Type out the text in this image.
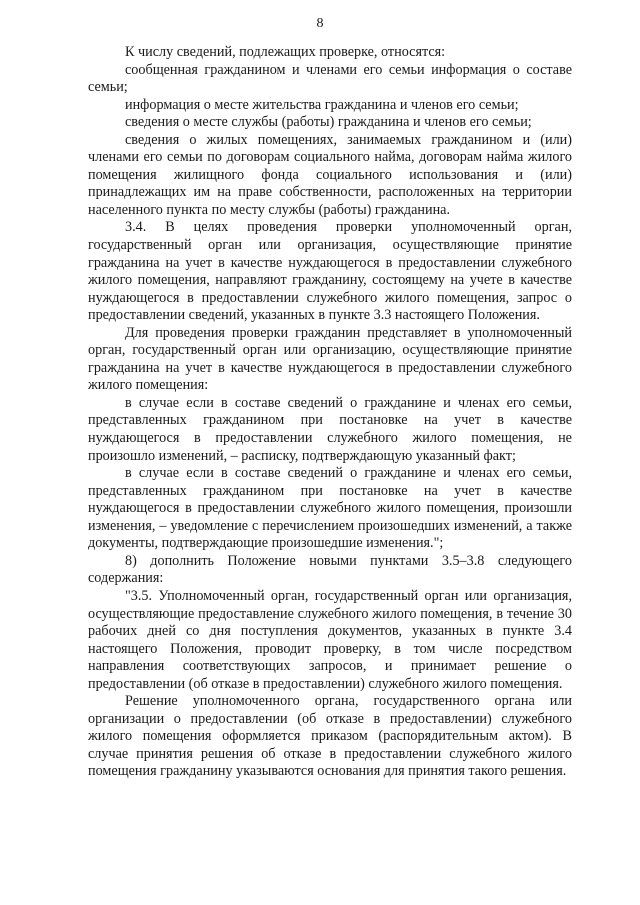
8

К числу сведений, подлежащих проверке, относятся:

сообщенная гражданином и членами его семьи информация о составе семьи;

информация о месте жительства гражданина и членов его семьи;

сведения о месте службы (работы) гражданина и членов его семьи;

сведения о жилых помещениях, занимаемых гражданином и (или) членами его семьи по договорам социального найма, договорам найма жилого помещения жилищного фонда социального использования и (или) принадлежащих им на праве собственности, расположенных на территории населенного пункта по месту службы (работы) гражданина.

3.4. В целях проведения проверки уполномоченный орган, государственный орган или организация, осуществляющие принятие гражданина на учет в качестве нуждающегося в предоставлении служебного жилого помещения, направляют гражданину, состоящему на учете в качестве нуждающегося в предоставлении служебного жилого помещения, запрос о предоставлении сведений, указанных в пункте 3.3 настоящего Положения.

Для проведения проверки гражданин представляет в уполномоченный орган, государственный орган или организацию, осуществляющие принятие гражданина на учет в качестве нуждающегося в предоставлении служебного жилого помещения:

в случае если в составе сведений о гражданине и членах его семьи, представленных гражданином при постановке на учет в качестве нуждающегося в предоставлении служебного жилого помещения, не произошло изменений, – расписку, подтверждающую указанный факт;

в случае если в составе сведений о гражданине и членах его семьи, представленных гражданином при постановке на учет в качестве нуждающегося в предоставлении служебного жилого помещения, произошли изменения, – уведомление с перечислением произошедших изменений, а также документы, подтверждающие произошедшие изменения.";

8) дополнить Положение новыми пунктами 3.5–3.8 следующего содержания:

"3.5. Уполномоченный орган, государственный орган или организация, осуществляющие предоставление служебного жилого помещения, в течение 30 рабочих дней со дня поступления документов, указанных в пункте 3.4 настоящего Положения, проводит проверку, в том числе посредством направления соответствующих запросов, и принимает решение о предоставлении (об отказе в предоставлении) служебного жилого помещения.

Решение уполномоченного органа, государственного органа или организации о предоставлении (об отказе в предоставлении) служебного жилого помещения оформляется приказом (распорядительным актом). В случае принятия решения об отказе в предоставлении служебного жилого помещения гражданину указываются основания для принятия такого решения.
